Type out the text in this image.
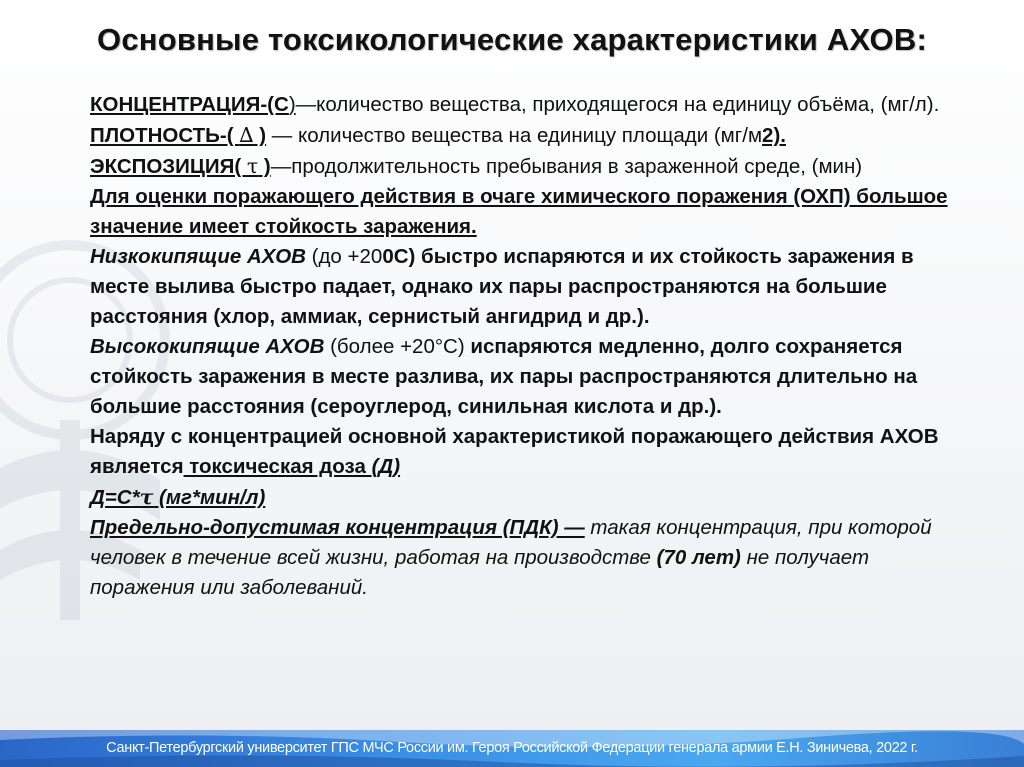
Основные токсикологические характеристики АХОВ:

КОНЦЕНТРАЦИЯ-(С)—количество вещества, приходящегося на единицу объёма, (мг/л).

ПЛОТНОСТЬ-( ∆ ) — количество вещества на единицу площади (мг/м2).

ЭКСПОЗИЦИЯ( τ )—продолжительность пребывания в зараженной среде, (мин)

Для оценки поражающего действия в очаге химического поражения (ОХП) большое значение имеет стойкость заражения.

Низкокипящие АХОВ (до +200С) быстро испаряются и их стойкость заражения в месте вылива быстро падает, однако их пары распространяются на большие расстояния (хлор, аммиак, сернистый ангидрид и др.).

Высококипящие АХОВ (более +20°С) испаряются медленно, долго сохраняется стойкость заражения в месте разлива, их пары распространяются длительно на большие расстояния (сероуглерод, синильная кислота и др.).

Наряду с концентрацией основной характеристикой поражающего действия АХОВ является токсическая доза (Д)

Д=С*τ (мг*мин/л)

Предельно-допустимая концентрация (ПДК) — такая концентрация, при которой человек в течение всей жизни, работая на производстве (70 лет) не получает поражения или заболеваний.

Санкт-Петербургский университет ГПС МЧС России им. Героя Российской Федерации генерала армии Е.Н. Зиничева, 2022 г.
